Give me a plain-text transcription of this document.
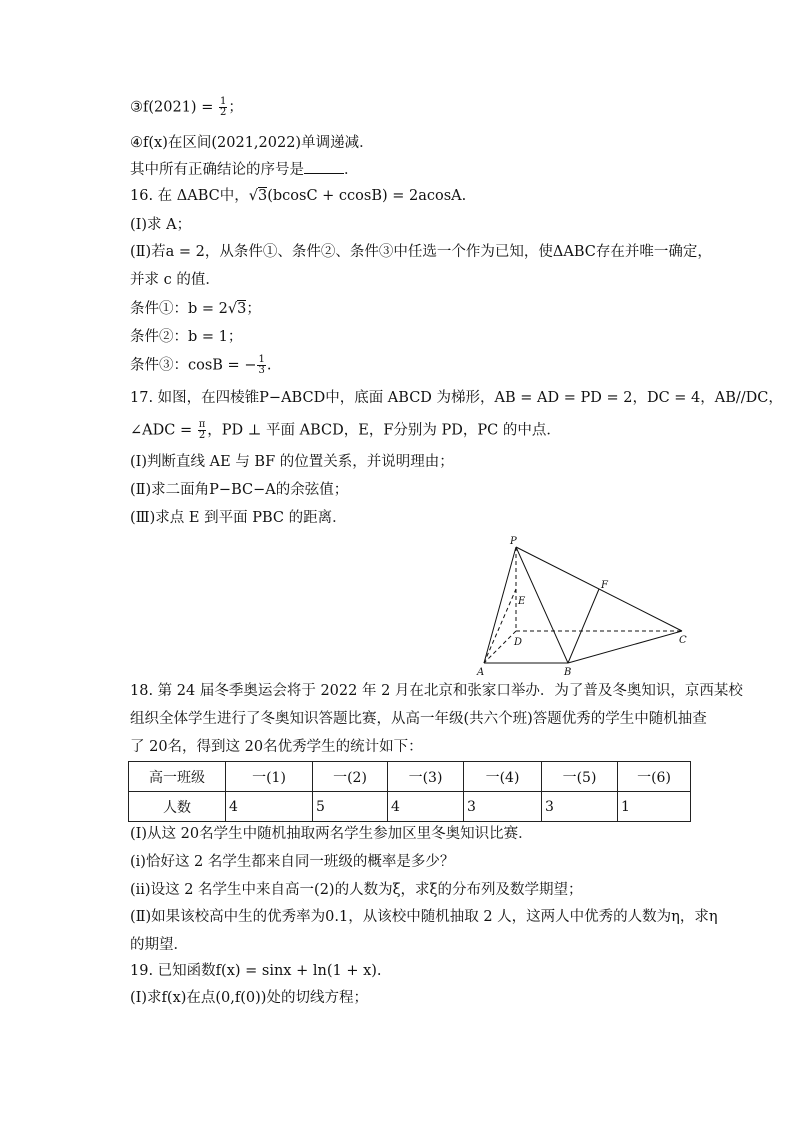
③f(2021) = $\frac{1}{2}$ ；
④f(x)在区间(2021,2022)单调递减．
其中所有正确结论的序号是	．
16. 在 ΔABC中，√3(bcosC + ccosB) = 2acosA.
(Ⅰ)求 A；
(Ⅱ)若a = 2，从条件①、条件②、条件③中任选一个作为已知，使ΔABC存在并唯一确定，
并求 c 的值．
条件①：b = 2√3；
条件②：b = 1；
条件③：cosB = − $\frac{1}{3}$ .
17. 如图，在四棱锥P−ABCD中，底面 ABCD 为梯形，AB = AD = PD = 2，DC = 4，AB//DC，
∠ADC = $\frac{\pi}{2}$ ，PD ⊥ 平面 ABCD，E，F分别为 PD，PC 的中点．
(Ⅰ)判断直线 AE 与 BF 的位置关系，并说明理由；
(Ⅱ)求二面角P−BC−A的余弦值；
(Ⅲ)求点 E 到平面 PBC 的距离．
P
E
F
D	C
A	B
18. 第 24 届冬季奥运会将于 2022 年 2 月在北京和张家口举办．为了普及冬奥知识，京西某校
组织全体学生进行了冬奥知识答题比赛，从高一年级(共六个班)答题优秀的学生中随机抽查
了 20名，得到这 20名优秀学生的统计如下：
高一班级	一(1)	一(2)	一(3)	一(4)	一(5)	一(6)
人数	4	5	4	3	3	1
(Ⅰ)从这 20名学生中随机抽取两名学生参加区里冬奥知识比赛．
(i)恰好这 2 名学生都来自同一班级的概率是多少？
(ii)设这 2 名学生中来自高一(2)的人数为ξ，求ξ的分布列及数学期望；
(Ⅱ)如果该校高中生的优秀率为0.1，从该校中随机抽取 2 人，这两人中优秀的人数为η，求η
的期望．
19. 已知函数f(x) = sinx + ln(1 + x).
(Ⅰ)求f(x)在点(0,f(0))处的切线方程；
